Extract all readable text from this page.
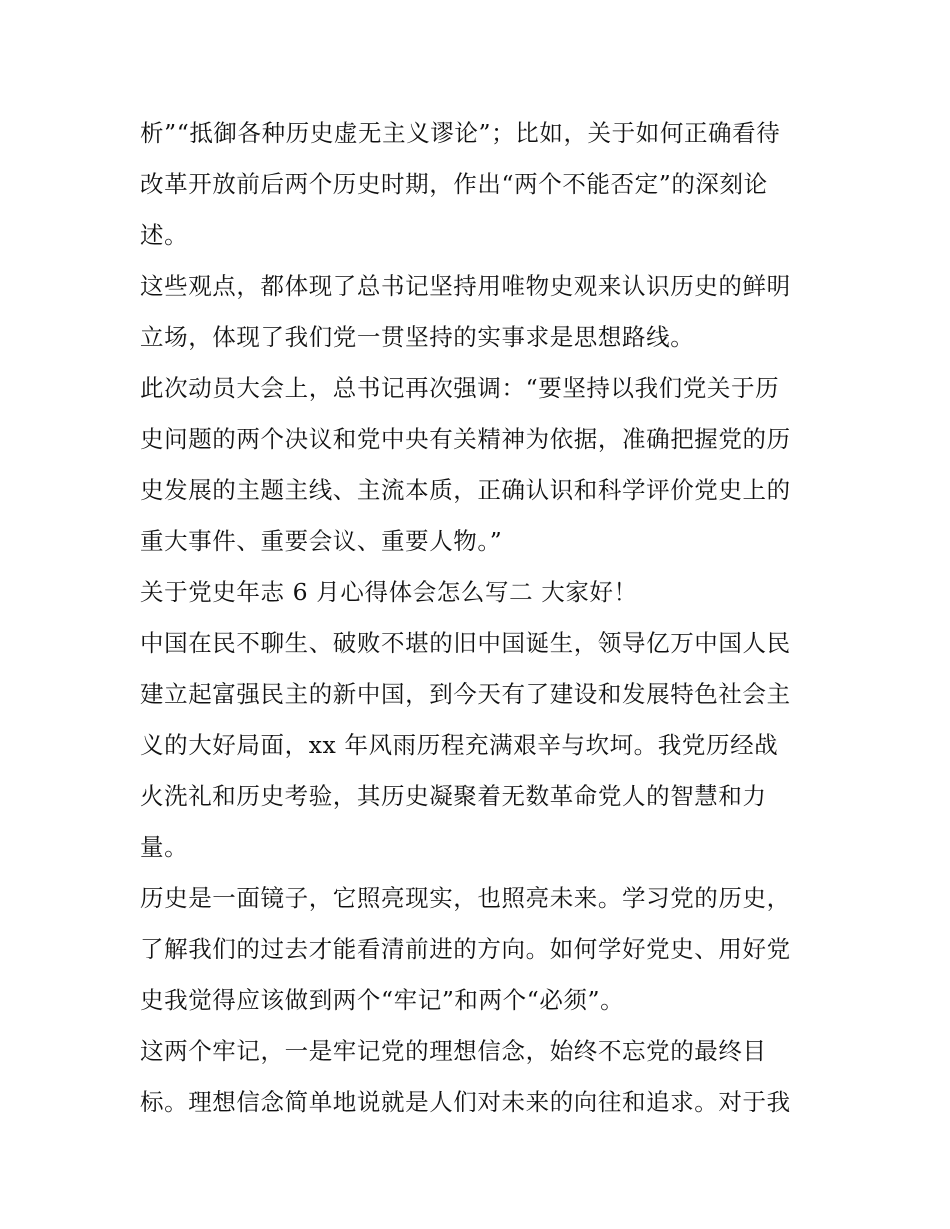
析”“抵御各种历史虚无主义谬论”；比如，关于如何正确看待
改革开放前后两个历史时期，作出“两个不能否定”的深刻论
述。
这些观点，都体现了总书记坚持用唯物史观来认识历史的鲜明
立场，体现了我们党一贯坚持的实事求是思想路线。
此次动员大会上，总书记再次强调：“要坚持以我们党关于历
史问题的两个决议和党中央有关精神为依据，准确把握党的历
史发展的主题主线、主流本质，正确认识和科学评价党史上的
重大事件、重要会议、重要人物。”
关于党史年志 6 月心得体会怎么写二 大家好！
中国在民不聊生、破败不堪的旧中国诞生，领导亿万中国人民
建立起富强民主的新中国，到今天有了建设和发展特色社会主
义的大好局面，xx 年风雨历程充满艰辛与坎坷。我党历经战
火洗礼和历史考验，其历史凝聚着无数革命党人的智慧和力
量。
历史是一面镜子，它照亮现实，也照亮未来。学习党的历史，
了解我们的过去才能看清前进的方向。如何学好党史、用好党
史我觉得应该做到两个“牢记”和两个“必须”。
这两个牢记，一是牢记党的理想信念，始终不忘党的最终目
标。理想信念简单地说就是人们对未来的向往和追求。对于我
